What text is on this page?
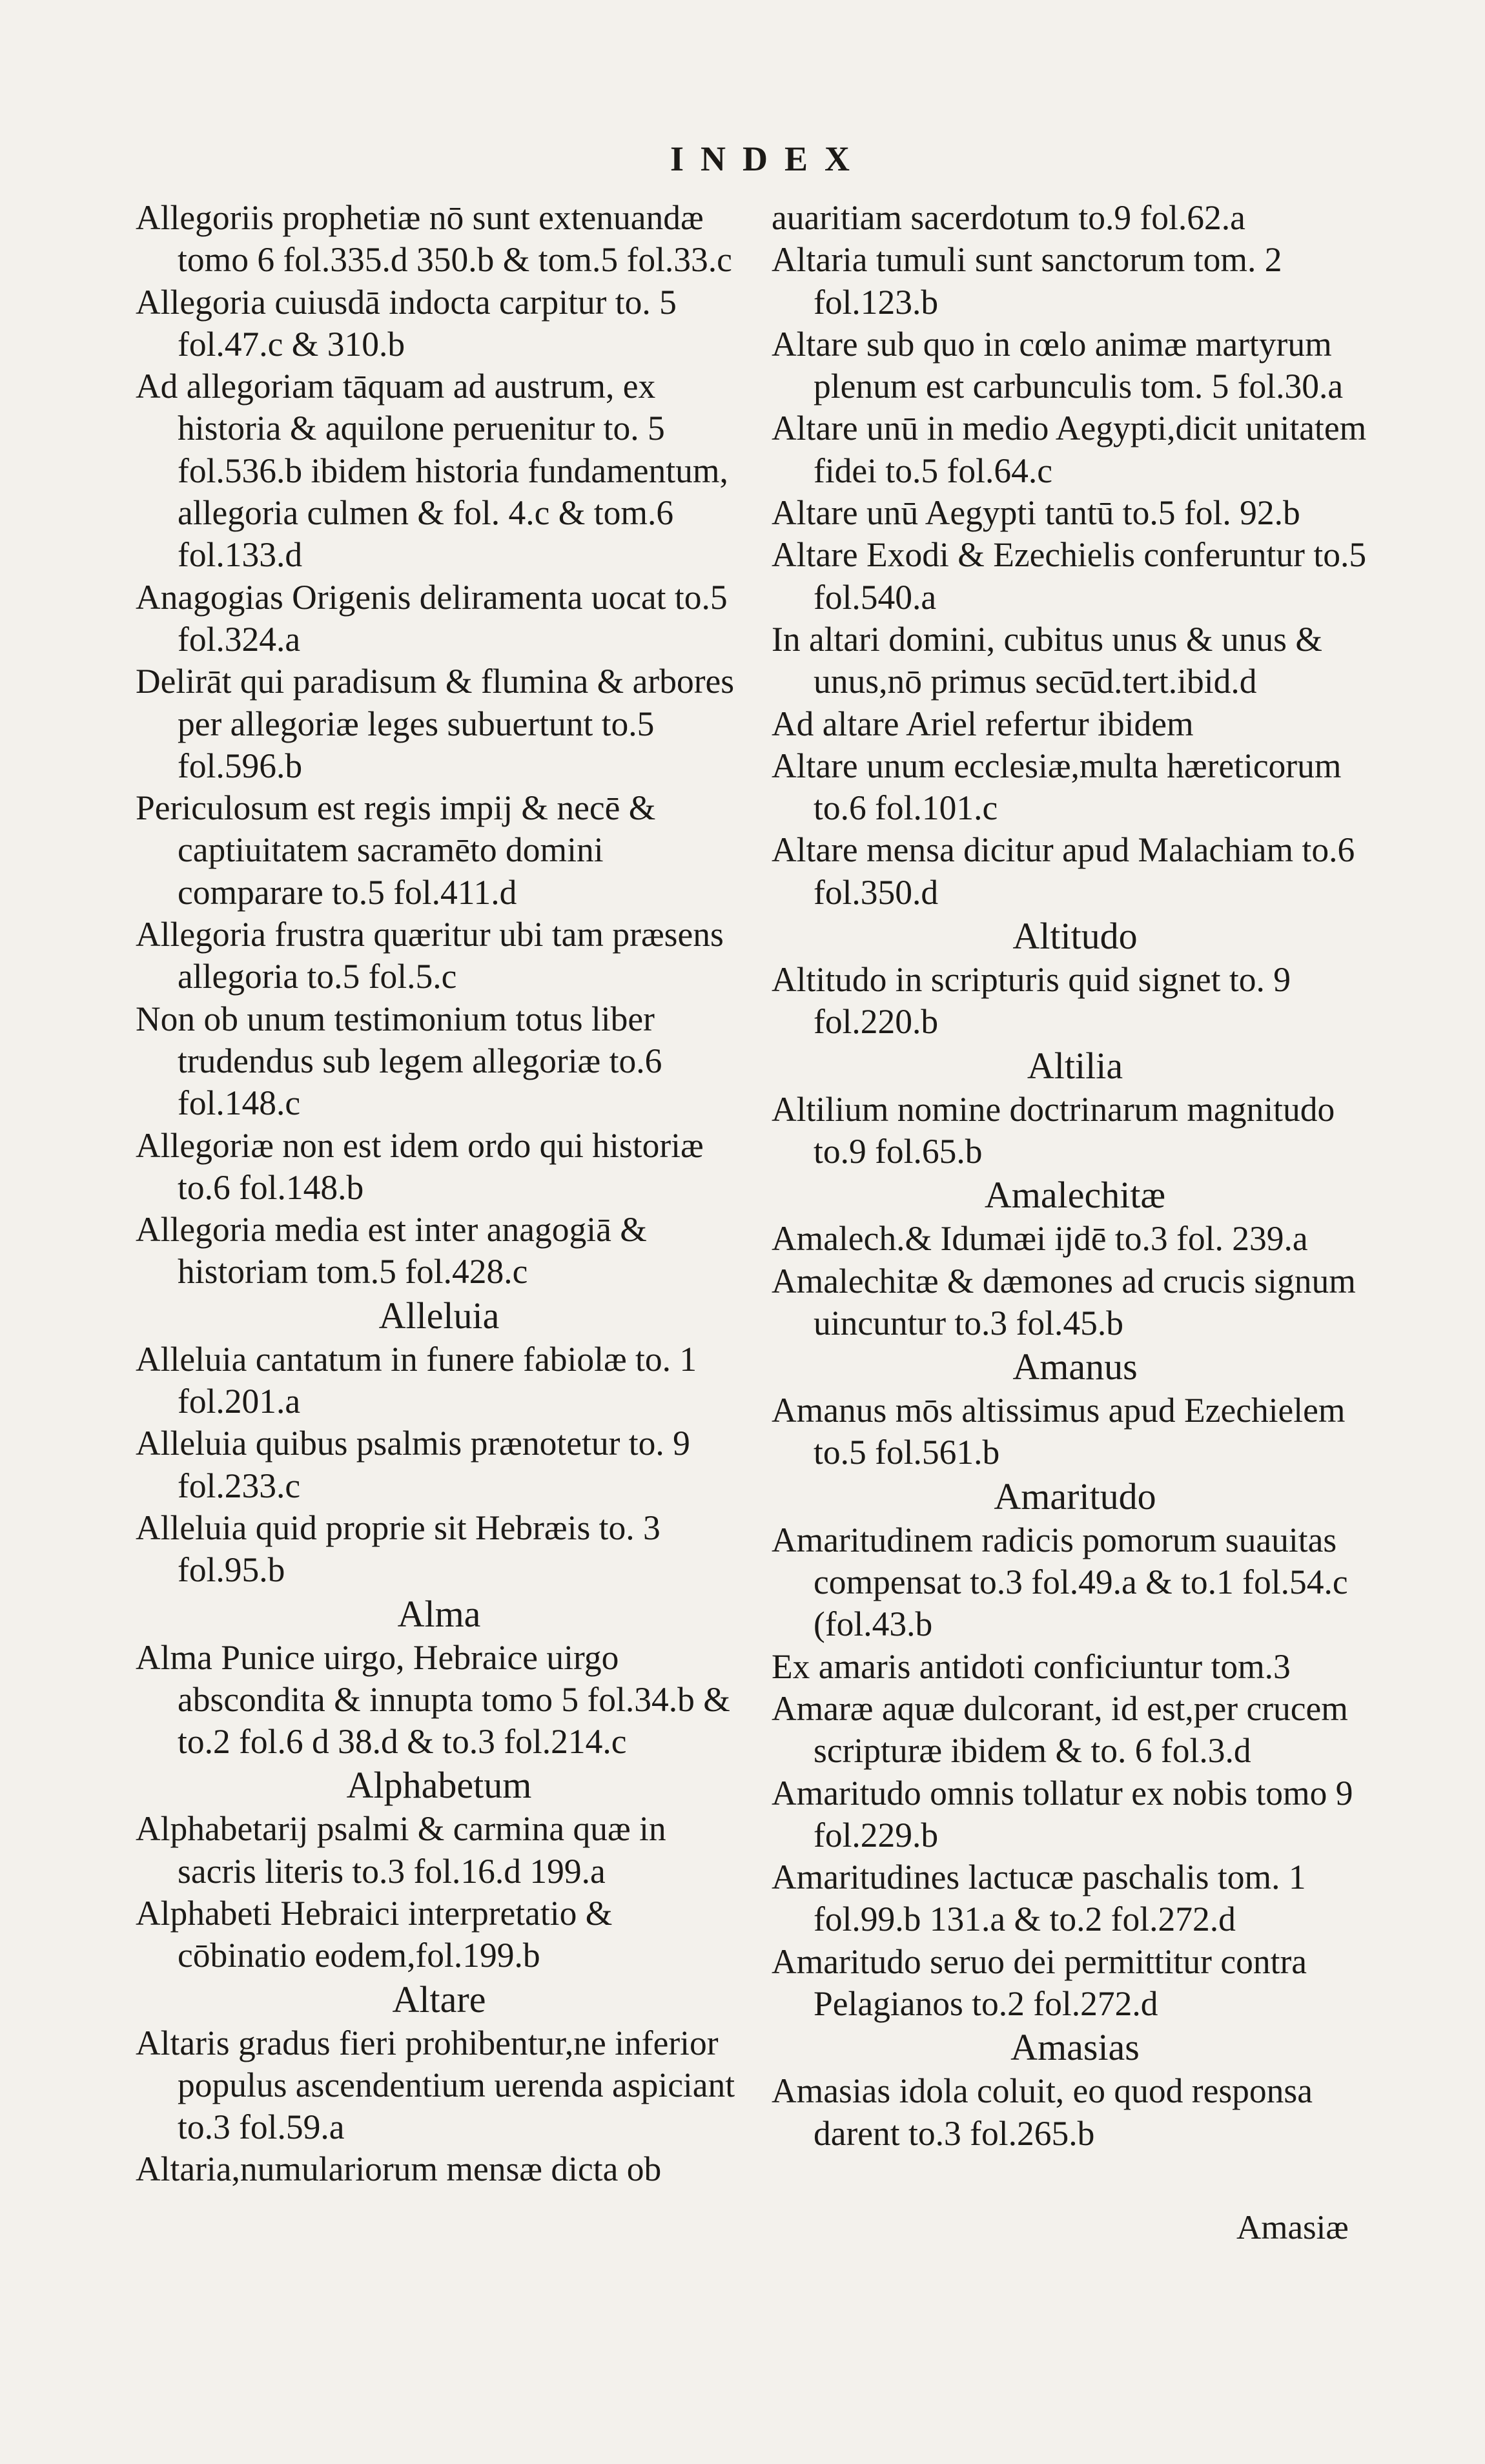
INDEX
Allegoriis prophetiæ nō sunt extenuandæ tomo 6 fol.335.d 350.b & tom.5 fol.33.c
Allegoria cuiusdā indocta carpitur to. 5 fol.47.c & 310.b
Ad allegoriam tāquam ad austrum, ex historia & aquilone peruenitur to. 5 fol.536.b ibidem historia fundamentum, allegoria culmen & fol. 4.c & tom.6 fol.133.d
Anagogias Origenis deliramenta uocat to.5 fol.324.a
Delirāt qui paradisum & flumina & arbores per allegoriæ leges subuertunt to.5 fol.596.b
Periculosum est regis impij & necē & captiuitatem sacramēto domini comparare to.5 fol.411.d
Allegoria frustra quæritur ubi tam præsens allegoria to.5 fol.5.c
Non ob unum testimonium totus liber trudendus sub legem allegoriæ to.6 fol.148.c
Allegoriæ non est idem ordo qui historiæ to.6 fol.148.b
Allegoria media est inter anagogiā & historiam tom.5 fol.428.c
Alleluia
Alleluia cantatum in funere fabiolæ to. 1 fol.201.a
Alleluia quibus psalmis prænotetur to. 9 fol.233.c
Alleluia quid proprie sit Hebræis to. 3 fol.95.b
Alma
Alma Punice uirgo, Hebraice uirgo abscondita & innupta tomo 5 fol.34.b & to.2 fol.6 d 38.d & to.3 fol.214.c
Alphabetum
Alphabetarij psalmi & carmina quæ in sacris literis to.3 fol.16.d 199.a
Alphabeti Hebraici interpretatio & cōbinatio eodem,fol.199.b
Altare
Altaris gradus fieri prohibentur,ne inferior populus ascendentium uerenda aspiciant to.3 fol.59.a
Altaria,numulariorum mensæ dicta ob
auaritiam sacerdotum to.9 fol.62.a
Altaria tumuli sunt sanctorum tom. 2 fol.123.b
Altare sub quo in cœlo animæ martyrum plenum est carbunculis tom. 5 fol.30.a
Altare unū in medio Aegypti,dicit unitatem fidei to.5 fol.64.c
Altare unū Aegypti tantū to.5 fol. 92.b
Altare Exodi & Ezechielis conferuntur to.5 fol.540.a
In altari domini, cubitus unus & unus & unus,nō primus secūd.tert.ibid.d
Ad altare Ariel refertur ibidem
Altare unum ecclesiæ,multa hæreticorum to.6 fol.101.c
Altare mensa dicitur apud Malachiam to.6 fol.350.d
Altitudo
Altitudo in scripturis quid signet to. 9 fol.220.b
Altilia
Altilium nomine doctrinarum magnitudo to.9 fol.65.b
Amalechitæ
Amalech.& Idumæi ijdē to.3 fol. 239.a
Amalechitæ & dæmones ad crucis signum uincuntur to.3 fol.45.b
Amanus
Amanus mōs altissimus apud Ezechielem to.5 fol.561.b
Amaritudo
Amaritudinem radicis pomorum suauitas compensat to.3 fol.49.a & to.1 fol.54.c (fol.43.b
Ex amaris antidoti conficiuntur tom.3
Amaræ aquæ dulcorant, id est,per crucem scripturæ ibidem & to. 6 fol.3.d
Amaritudo omnis tollatur ex nobis tomo 9 fol.229.b
Amaritudines lactucæ paschalis tom. 1 fol.99.b 131.a & to.2 fol.272.d
Amaritudo seruo dei permittitur contra Pelagianos to.2 fol.272.d
Amasias
Amasias idola coluit, eo quod responsa darent to.3 fol.265.b
Amasiæ
